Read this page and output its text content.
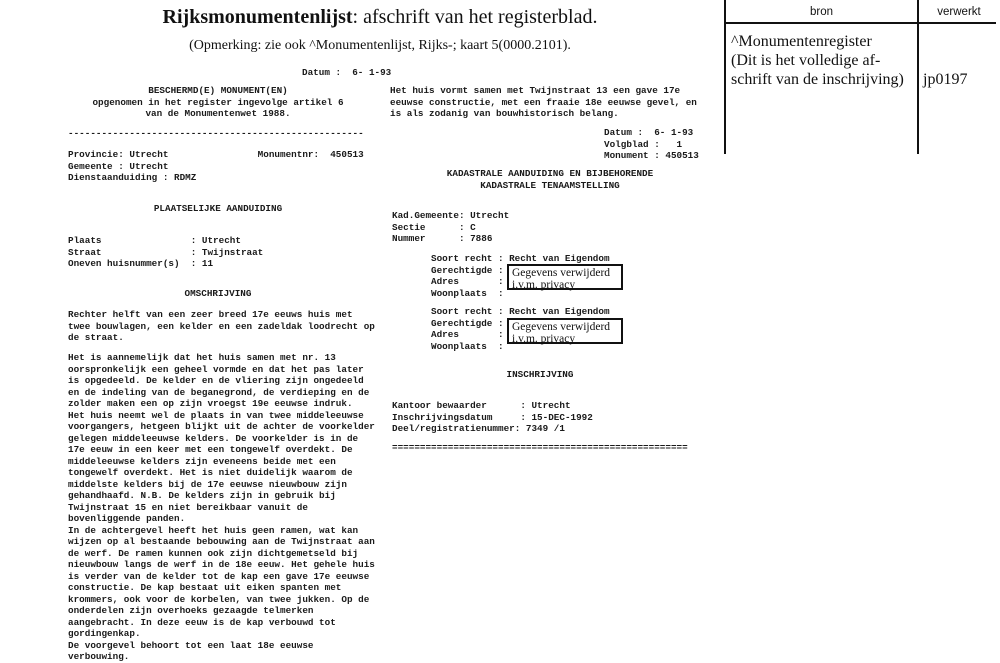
Rijksmonumentenlijst: afschrift van het registerblad.
(Opmerking: zie ook ^Monumentenlijst, Rijks-; kaart 5(0000.2101).
Datum :  6- 1-93
BESCHERMD(E) MONUMENT(EN)
opgenomen in het register ingevolge artikel 6
van de Monumentenwet 1988.
-----------------------------------------------------
Provincie: Utrecht                Monumentnr:  450513
Gemeente : Utrecht
Dienstaanduiding : RDMZ
PLAATSELIJKE AANDUIDING
Plaats                : Utrecht
Straat                : Twijnstraat
Oneven huisnummer(s)  : 11
OMSCHRIJVING
Rechter helft van een zeer breed 17e eeuws huis met
twee bouwlagen, een kelder en een zadeldak loodrecht op
de straat.
Het is aannemelijk dat het huis samen met nr. 13
oorspronkelijk een geheel vormde en dat het pas later
is opgedeeld. De kelder en de vliering zijn ongedeeld
en de indeling van de beganegrond, de verdieping en de
zolder maken een op zijn vroegst 19e eeuwse indruk.
Het huis neemt wel de plaats in van twee middeleeuwse
voorgangers, hetgeen blijkt uit de achter de voorkelder
gelegen middeleeuwse kelders. De voorkelder is in de
17e eeuw in een keer met een tongewelf overdekt. De
middeleeuwse kelders zijn eveneens beide met een
tongewelf overdekt. Het is niet duidelijk waarom de
middelste kelders bij de 17e eeuwse nieuwbouw zijn
gehandhaafd. N.B. De kelders zijn in gebruik bij
Twijnstraat 15 en niet bereikbaar vanuit de
bovenliggende panden.
In de achtergevel heeft het huis geen ramen, wat kan
wijzen op al bestaande bebouwing aan de Twijnstraat aan
de werf. De ramen kunnen ook zijn dichtgemetseld bij
nieuwbouw langs de werf in de 18e eeuw. Het gehele huis
is verder van de kelder tot de kap een gave 17e eeuwse
constructie. De kap bestaat uit eiken spanten met
krommers, ook voor de korbelen, van twee jukken. Op de
onderdelen zijn overhoeks gezaagde telmerken
aangebracht. In deze eeuw is de kap verbouwd tot
gordingenkap.
De voorgevel behoort tot een laat 18e eeuwse
verbouwing.
Het huis vormt samen met Twijnstraat 13 een gave 17e
eeuwse constructie, met een fraaie 18e eeuwse gevel, en
is als zodanig van bouwhistorisch belang.
Datum :  6- 1-93
Volgblad :   1
Monument : 450513
KADASTRALE AANDUIDING EN BIJBEHORENDE
KADASTRALE TENAAMSTELLING
Kad.Gemeente: Utrecht
Sectie      : C
Nummer      : 7886
Soort recht : Recht van Eigendom
Gerechtigde :
Adres       :
Woonplaats  :
Gegevens verwijderd i.v.m. privacy
Soort recht : Recht van Eigendom
Gerechtigde :
Adres       :
Woonplaats  :
Gegevens verwijderd i.v.m. privacy
INSCHRIJVING
Kantoor bewaarder      : Utrecht
Inschrijvingsdatum     : 15-DEC-1992
Deel/registratienummer: 7349 /1
=====================================================
bron	verwerkt
^Monumentenregister
(Dit is het volledige af-
schrift van de inschrijving) jp0197
